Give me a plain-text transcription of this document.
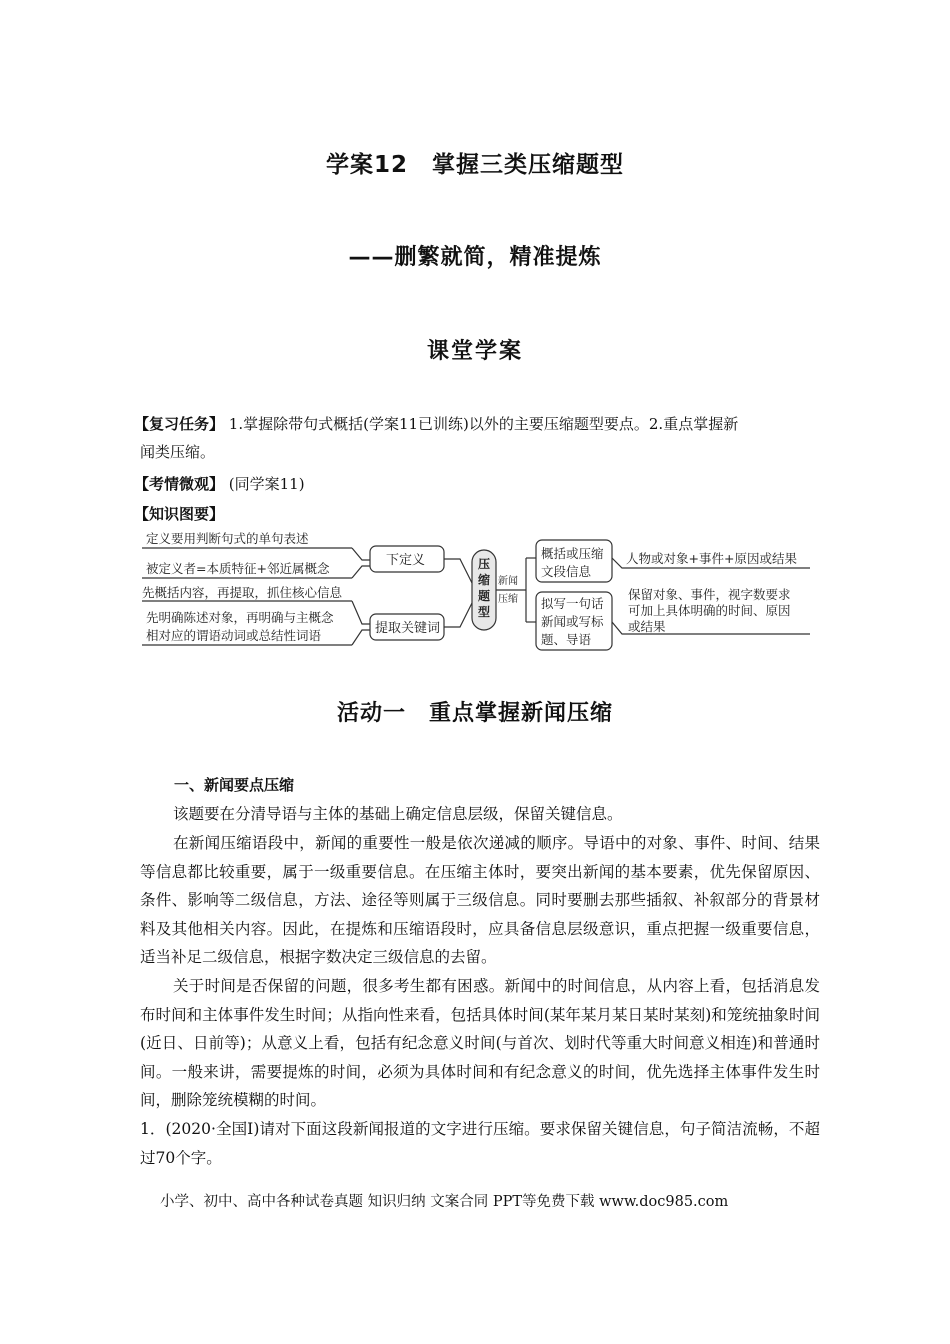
学案12　掌握三类压缩题型
——删繁就简，精准提炼
课堂学案
【复习任务】 1.掌握除带句式概括(学案11已训练)以外的主要压缩题型要点。2.重点掌握新
闻类压缩。
【考情微观】 (同学案11)
【知识图要】
定义要用判断句式的单句表述
被定义者=本质特征+邻近属概念
先概括内容，再提取，抓住核心信息
先明确陈述对象，再明确与主概念
相对应的谓语动词或总结性词语
下定义
提取关键词
压
缩
题
型
新闻
压缩
概括或压缩
文段信息
拟写一句话
新闻或写标
题、导语
人物或对象+事件+原因或结果
保留对象、事件，视字数要求
可加上具体明确的时间、原因
或结果
活动一　重点掌握新闻压缩
一、新闻要点压缩
该题要在分清导语与主体的基础上确定信息层级，保留关键信息。
在新闻压缩语段中，新闻的重要性一般是依次递减的顺序。导语中的对象、事件、时间、结果等信息都比较重要，属于一级重要信息。在压缩主体时，要突出新闻的基本要素，优先保留原因、条件、影响等二级信息，方法、途径等则属于三级信息。同时要删去那些插叙、补叙部分的背景材料及其他相关内容。因此，在提炼和压缩语段时，应具备信息层级意识，重点把握一级重要信息，适当补足二级信息，根据字数决定三级信息的去留。
关于时间是否保留的问题，很多考生都有困惑。新闻中的时间信息，从内容上看，包括消息发布时间和主体事件发生时间；从指向性来看，包括具体时间(某年某月某日某时某刻)和笼统抽象时间(近日、日前等)；从意义上看，包括有纪念意义时间(与首次、划时代等重大时间意义相连)和普通时间。一般来讲，需要提炼的时间，必须为具体时间和有纪念意义的时间，优先选择主体事件发生时间，删除笼统模糊的时间。
1．(2020·全国Ⅰ)请对下面这段新闻报道的文字进行压缩。要求保留关键信息，句子简洁流畅，不超过70个字。
小学、初中、高中各种试卷真题 知识归纳 文案合同 PPT等免费下载 www.doc985.com
